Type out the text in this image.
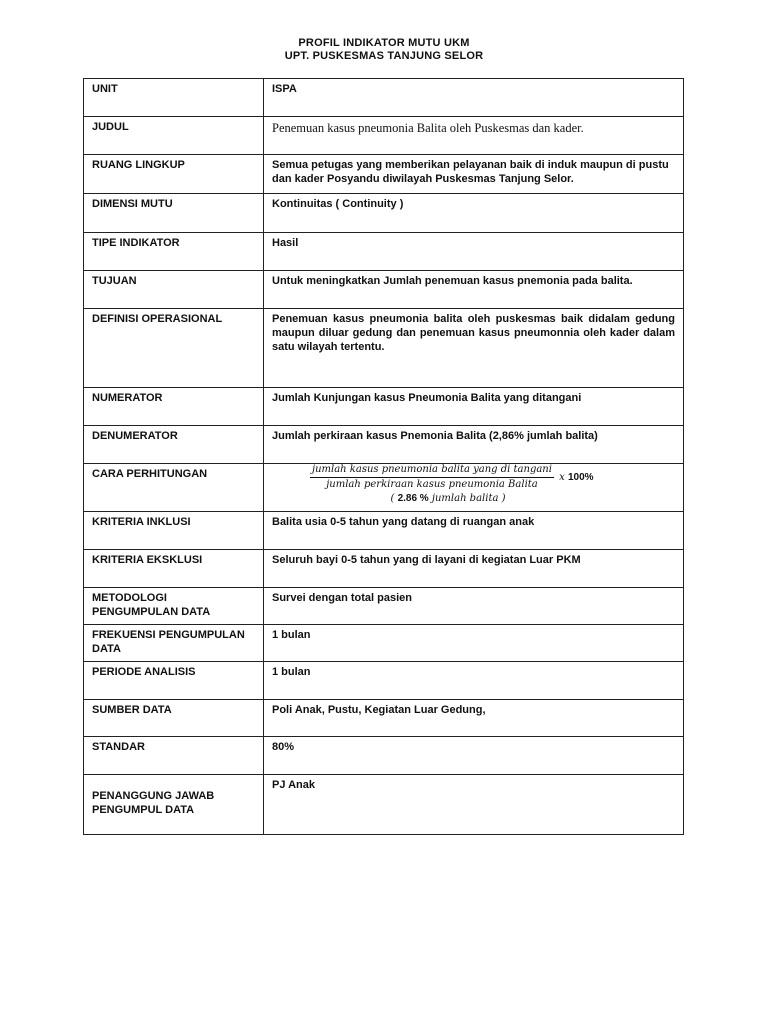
PROFIL INDIKATOR MUTU UKM
UPT. PUSKESMAS TANJUNG SELOR
UNIT	ISPA
JUDUL	Penemuan kasus pneumonia Balita oleh Puskesmas dan kader.
RUANG LINGKUP	Semua petugas yang memberikan pelayanan baik di induk maupun di pustu dan kader Posyandu diwilayah Puskesmas Tanjung Selor.
DIMENSI MUTU	Kontinuitas ( Continuity )
TIPE INDIKATOR	Hasil
TUJUAN	Untuk meningkatkan Jumlah penemuan kasus pnemonia pada balita.
DEFINISI OPERASIONAL	Penemuan kasus pneumonia balita oleh puskesmas baik didalam gedung maupun diluar gedung dan penemuan kasus pneumonnia oleh kader dalam satu wilayah tertentu.
NUMERATOR	Jumlah Kunjungan kasus Pneumonia Balita yang ditangani
DENUMERATOR	Jumlah perkiraan kasus Pnemonia Balita (2,86% jumlah balita)
CARA PERHITUNGAN	$\frac{\text{jumlah kasus pneumonia balita yang di tangani}}{\text{jumlah perkiraan kasus pneumonia Balita}}$ x 100%
( 2.86 % jumlah balita )

KRITERIA INKLUSI	Balita usia 0-5 tahun yang datang di ruangan anak
KRITERIA EKSKLUSI	Seluruh bayi 0-5 tahun yang di layani di kegiatan Luar PKM
METODOLOGI PENGUMPULAN DATA	Survei dengan total pasien
FREKUENSI PENGUMPULAN DATA	1 bulan
PERIODE ANALISIS	1 bulan
SUMBER DATA	Poli Anak, Pustu, Kegiatan Luar Gedung,
STANDAR	80%
PENANGGUNG JAWAB PENGUMPUL DATA	PJ Anak
